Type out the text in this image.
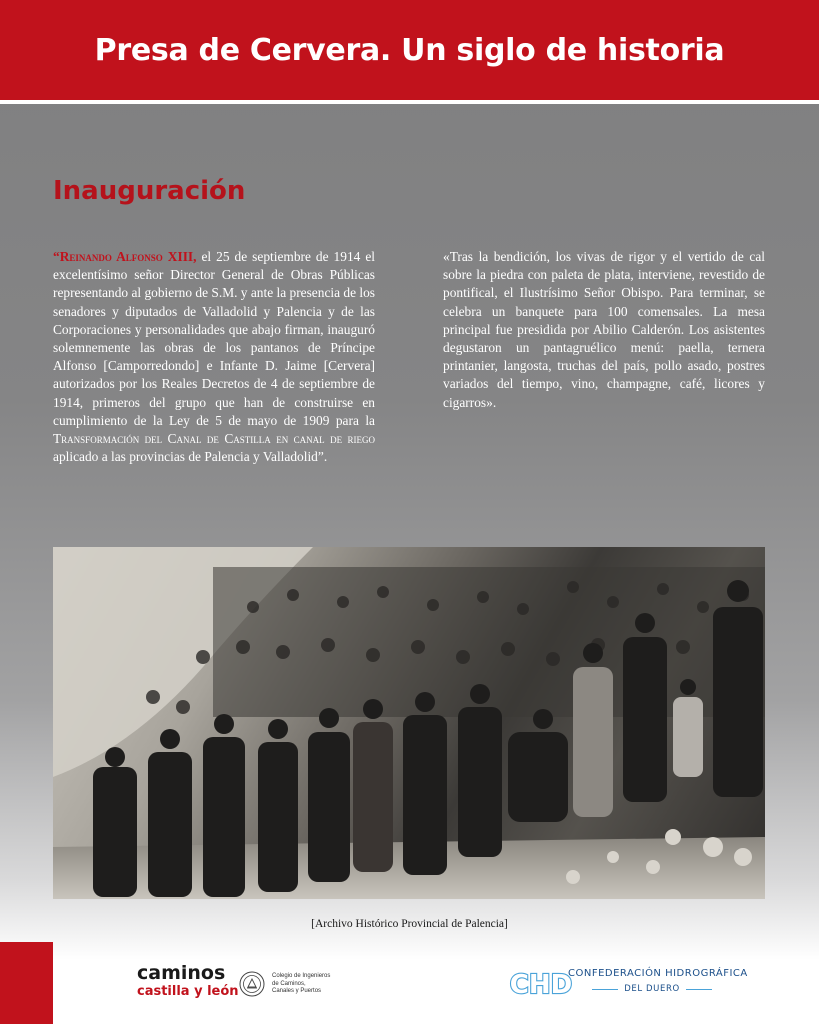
Presa de Cervera. Un siglo de historia
Inauguración
“Reinando Alfonso XIII, el 25 de septiembre de 1914 el excelentísimo señor Director General de Obras Públicas representando al gobierno de S.M. y ante la presencia de los senadores y diputados de Valladolid y Palencia y de las Corporaciones y personalidades que abajo firman, inauguró solemnemente las obras de los pantanos de Príncipe Alfonso [Camporredondo] e Infante D. Jaime [Cervera] autorizados por los Reales Decretos de 4 de septiembre de 1914, primeros del grupo que han de construirse en cumplimiento de la Ley de 5 de mayo de 1909 para la Transformación del Canal de Castilla en canal de riego aplicado a las provincias de Palencia y Valladolid”.
«Tras la bendición, los vivas de rigor y el vertido de cal sobre la piedra con paleta de plata, interviene, revestido de pontifical, el Ilustrísimo Señor Obispo. Para terminar, se celebra un banquete para 100 comensales. La mesa principal fue presidida por Abilio Calderón. Los asistentes degustaron un pantagruélico menú: paella, ternera printanier, langosta, truchas del país, pollo asado, postres variados del tiempo, vino, champagne, café, licores y cigarros».
[Archivo Histórico Provincial de Palencia]
caminos
castilla y león
Colegio de Ingenieros
de Caminos,
Canales y Puertos	CHD
CONFEDERACIÓN HIDROGRÁFICA
DEL DUERO
